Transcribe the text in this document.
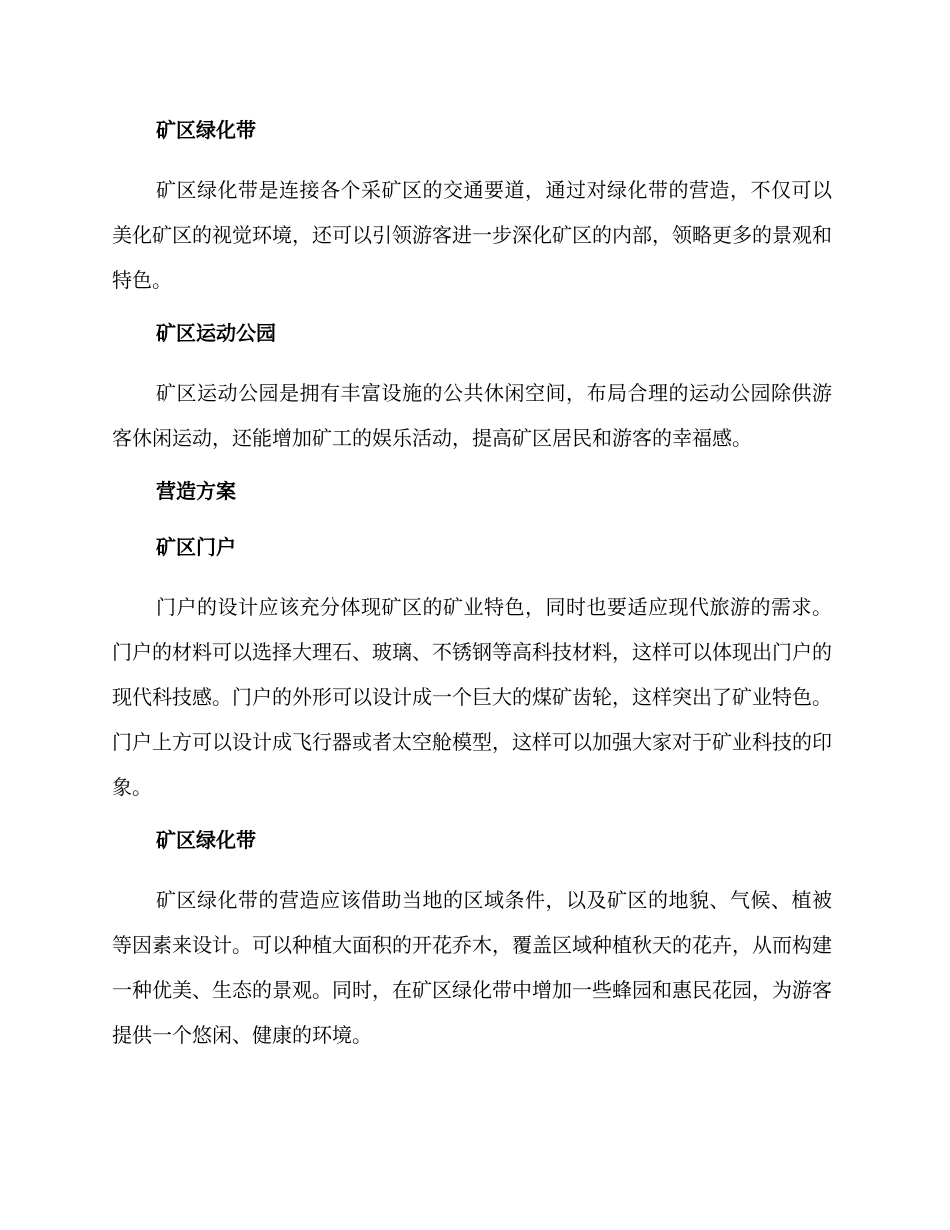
矿区绿化带
矿区绿化带是连接各个采矿区的交通要道，通过对绿化带的营造，不仅可以美化矿区的视觉环境，还可以引领游客进一步深化矿区的内部，领略更多的景观和特色。
矿区运动公园
矿区运动公园是拥有丰富设施的公共休闲空间，布局合理的运动公园除供游客休闲运动，还能增加矿工的娱乐活动，提高矿区居民和游客的幸福感。
营造方案
矿区门户
门户的设计应该充分体现矿区的矿业特色，同时也要适应现代旅游的需求。门户的材料可以选择大理石、玻璃、不锈钢等高科技材料，这样可以体现出门户的现代科技感。门户的外形可以设计成一个巨大的煤矿齿轮，这样突出了矿业特色。门户上方可以设计成飞行器或者太空舱模型，这样可以加强大家对于矿业科技的印象。
矿区绿化带
矿区绿化带的营造应该借助当地的区域条件，以及矿区的地貌、气候、植被等因素来设计。可以种植大面积的开花乔木，覆盖区域种植秋天的花卉，从而构建一种优美、生态的景观。同时，在矿区绿化带中增加一些蜂园和惠民花园，为游客提供一个悠闲、健康的环境。
